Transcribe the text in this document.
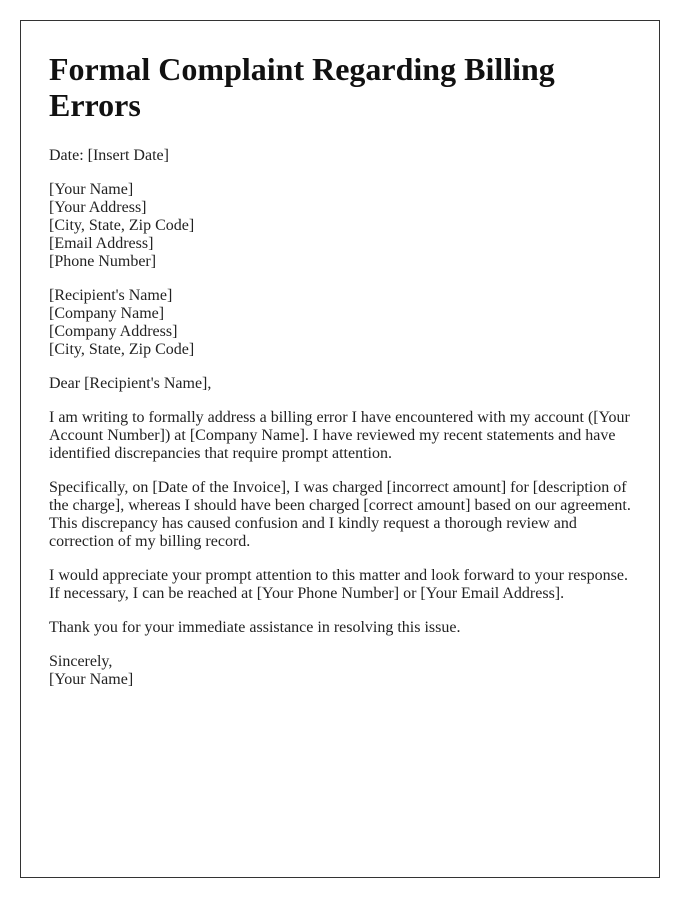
Formal Complaint Regarding Billing Errors

Date: [Insert Date]

[Your Name]
[Your Address]
[City, State, Zip Code]
[Email Address]
[Phone Number]
[Recipient's Name]
[Company Name]
[Company Address]
[City, State, Zip Code]

Dear [Recipient's Name],

I am writing to formally address a billing error I have encountered with my account ([Your Account Number]) at [Company Name]. I have reviewed my recent statements and have identified discrepancies that require prompt attention.

Specifically, on [Date of the Invoice], I was charged [incorrect amount] for [description of the charge], whereas I should have been charged [correct amount] based on our agreement. This discrepancy has caused confusion and I kindly request a thorough review and correction of my billing record.

I would appreciate your prompt attention to this matter and look forward to your response. If necessary, I can be reached at [Your Phone Number] or [Your Email Address].

Thank you for your immediate assistance in resolving this issue.

Sincerely,
[Your Name]
